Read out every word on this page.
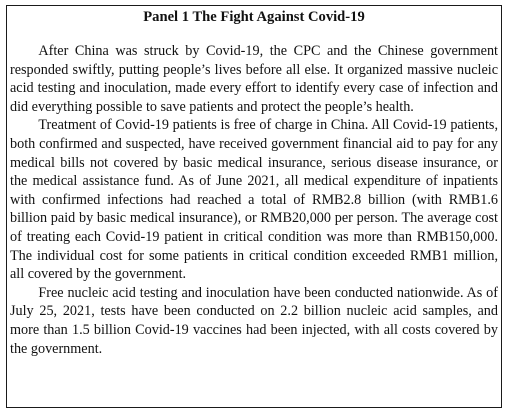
Panel 1 The Fight Against Covid-19

After China was struck by Covid-19, the CPC and the Chinese government responded swiftly, putting people’s lives before all else. It organized massive nucleic acid testing and inoculation, made every effort to identify every case of infection and did everything possible to save patients and protect the people’s health.

Treatment of Covid-19 patients is free of charge in China. All Covid-19 patients, both confirmed and suspected, have received government financial aid to pay for any medical bills not covered by basic medical insurance, serious disease insurance, or the medical assistance fund. As of June 2021, all medical expenditure of inpatients with confirmed infections had reached a total of RMB2.8 billion (with RMB1.6 billion paid by basic medical insurance), or RMB20,000 per person. The average cost of treating each Covid-19 patient in critical condition was more than RMB150,000. The individual cost for some patients in critical condition exceeded RMB1 million, all covered by the government.

Free nucleic acid testing and inoculation have been conducted nationwide. As of July 25, 2021, tests have been conducted on 2.2 billion nucleic acid samples, and more than 1.5 billion Covid-19 vaccines had been injected, with all costs covered by the government.
